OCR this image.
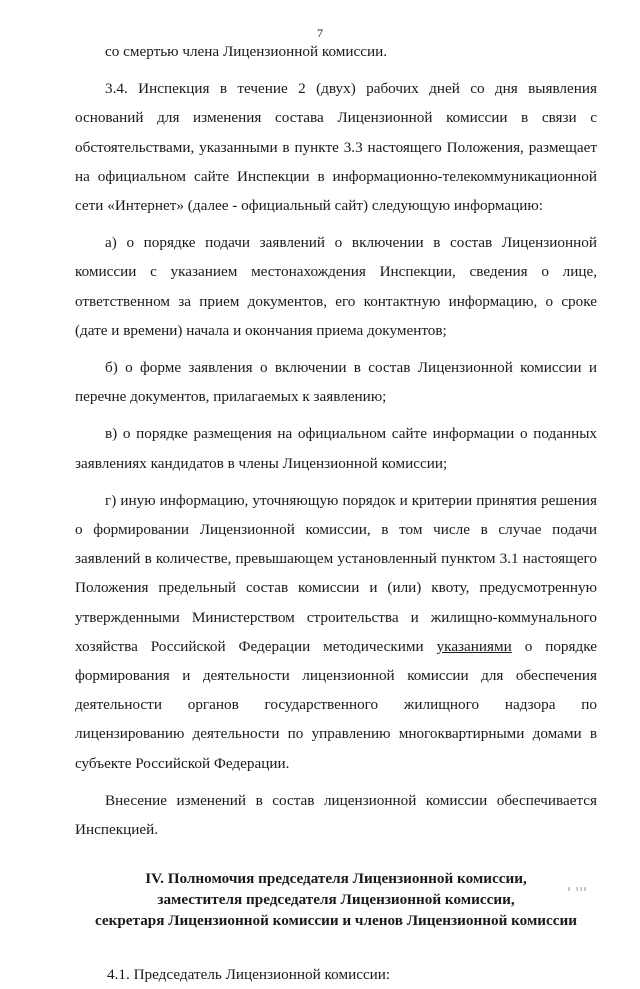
7

со смертью члена Лицензионной комиссии.

3.4. Инспекция в течение 2 (двух) рабочих дней со дня выявления оснований для изменения состава Лицензионной комиссии в связи с обстоятельствами, указанными в пункте 3.3 настоящего Положения, размещает на официальном сайте Инспекции в информационно-телекоммуникационной сети «Интернет» (далее - официальный сайт) следующую информацию:

а) о порядке подачи заявлений о включении в состав Лицензионной комиссии с указанием местонахождения Инспекции, сведения о лице, ответственном за прием документов, его контактную информацию, о сроке (дате и времени) начала и окончания приема документов;

б) о форме заявления о включении в состав Лицензионной комиссии и перечне документов, прилагаемых к заявлению;

в) о порядке размещения на официальном сайте информации о поданных заявлениях кандидатов в члены Лицензионной комиссии;

г) иную информацию, уточняющую порядок и критерии принятия решения о формировании Лицензионной комиссии, в том числе в случае подачи заявлений в количестве, превышающем установленный пунктом 3.1 настоящего Положения предельный состав комиссии и (или) квоту, предусмотренную утвержденными Министерством строительства и жилищно-коммунального хозяйства Российской Федерации методическими указаниями о порядке формирования и деятельности лицензионной комиссии для обеспечения деятельности органов государственного жилищного надзора по лицензированию деятельности по управлению многоквартирными домами в субъекте Российской Федерации.

Внесение изменений в состав лицензионной комиссии обеспечивается Инспекцией.

IV. Полномочия председателя Лицензионной комиссии,
заместителя председателя Лицензионной комиссии,
секретаря Лицензионной комиссии и членов Лицензионной комиссии
4.1. Председатель Лицензионной комиссии:
ı ııı
